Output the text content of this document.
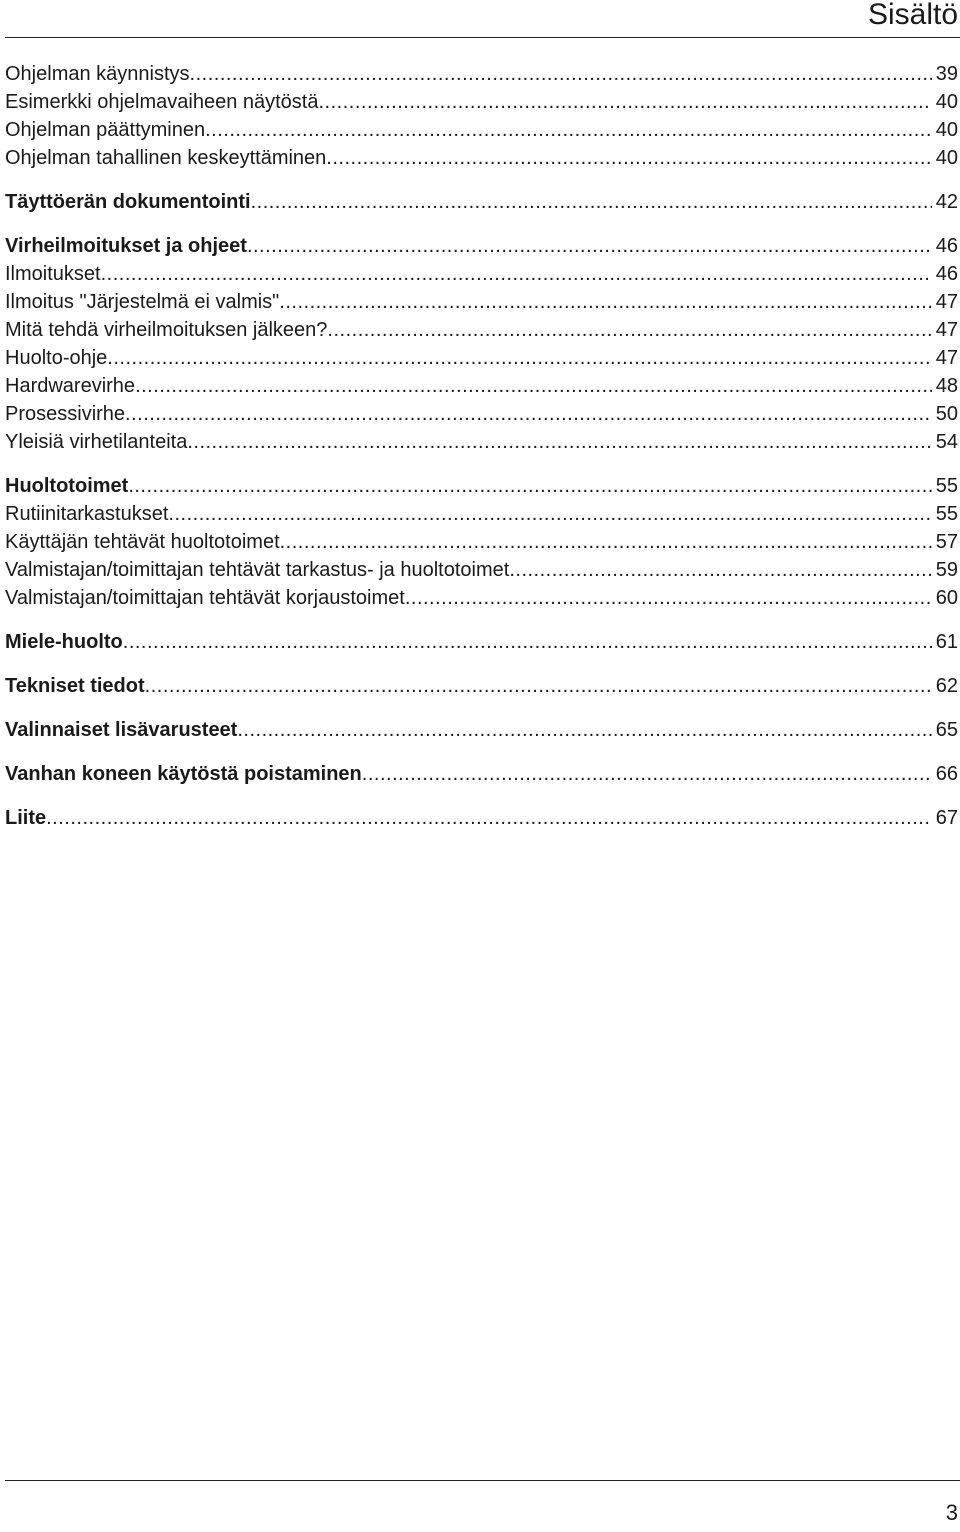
Sisältö
Ohjelman käynnistys .....	39
Esimerkki ohjelmavaiheen näytöstä .....	40
Ohjelman päättyminen .....	40
Ohjelman tahallinen keskeyttäminen .....	40
Täyttöerän dokumentointi .....	42
Virheilmoitukset ja ohjeet .....	46
Ilmoitukset .....	46
Ilmoitus "Järjestelmä ei valmis" .....	47
Mitä tehdä virheilmoituksen jälkeen? .....	47
Huolto-ohje .....	47
Hardwarevirhe .....	48
Prosessivirhe .....	50
Yleisiä virhetilanteita .....	54
Huoltotoimet .....	55
Rutiinitarkastukset .....	55
Käyttäjän tehtävät huoltotoimet .....	57
Valmistajan/toimittajan tehtävät tarkastus- ja huoltotoimet .....	59
Valmistajan/toimittajan tehtävät korjaustoimet .....	60
Miele-huolto .....	61
Tekniset tiedot .....	62
Valinnaiset lisävarusteet .....	65
Vanhan koneen käytöstä poistaminen .....	66
Liite .....	67
3
